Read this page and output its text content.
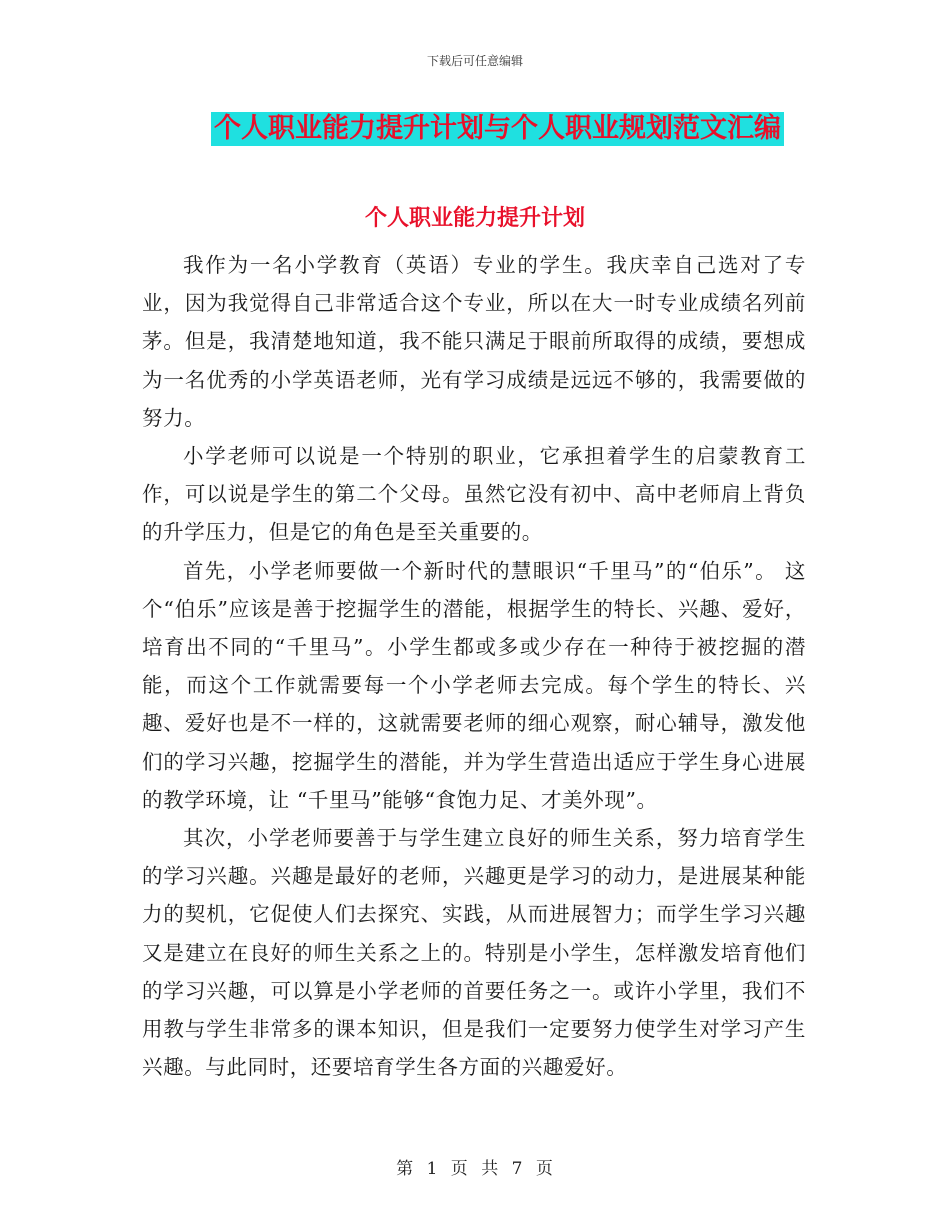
下载后可任意编辑
个人职业能力提升计划与个人职业规划范文汇编
个人职业能力提升计划

我作为一名小学教育（英语）专业的学生。我庆幸自己选对了专业，因为我觉得自己非常适合这个专业，所以在大一时专业成绩名列前茅。但是，我清楚地知道，我不能只满足于眼前所取得的成绩，要想成为一名优秀的小学英语老师，光有学习成绩是远远不够的，我需要做的努力。

小学老师可以说是一个特别的职业，它承担着学生的启蒙教育工作，可以说是学生的第二个父母。虽然它没有初中、高中老师肩上背负的升学压力，但是它的角色是至关重要的。

首先，小学老师要做一个新时代的慧眼识“千里马”的“伯乐”。 这个“伯乐”应该是善于挖掘学生的潜能，根据学生的特长、兴趣、爱好，培育出不同的“千里马”。小学生都或多或少存在一种待于被挖掘的潜能，而这个工作就需要每一个小学老师去完成。每个学生的特长、兴趣、爱好也是不一样的，这就需要老师的细心观察，耐心辅导，激发他们的学习兴趣，挖掘学生的潜能，并为学生营造出适应于学生身心进展的教学环境，让 “千里马”能够“食饱力足、才美外现”。

其次，小学老师要善于与学生建立良好的师生关系，努力培育学生的学习兴趣。兴趣是最好的老师，兴趣更是学习的动力，是进展某种能力的契机，它促使人们去探究、实践，从而进展智力；而学生学习兴趣又是建立在良好的师生关系之上的。特别是小学生，怎样激发培育他们的学习兴趣，可以算是小学老师的首要任务之一。或许小学里，我们不用教与学生非常多的课本知识，但是我们一定要努力使学生对学习产生兴趣。与此同时，还要培育学生各方面的兴趣爱好。

第 1 页 共 7 页
